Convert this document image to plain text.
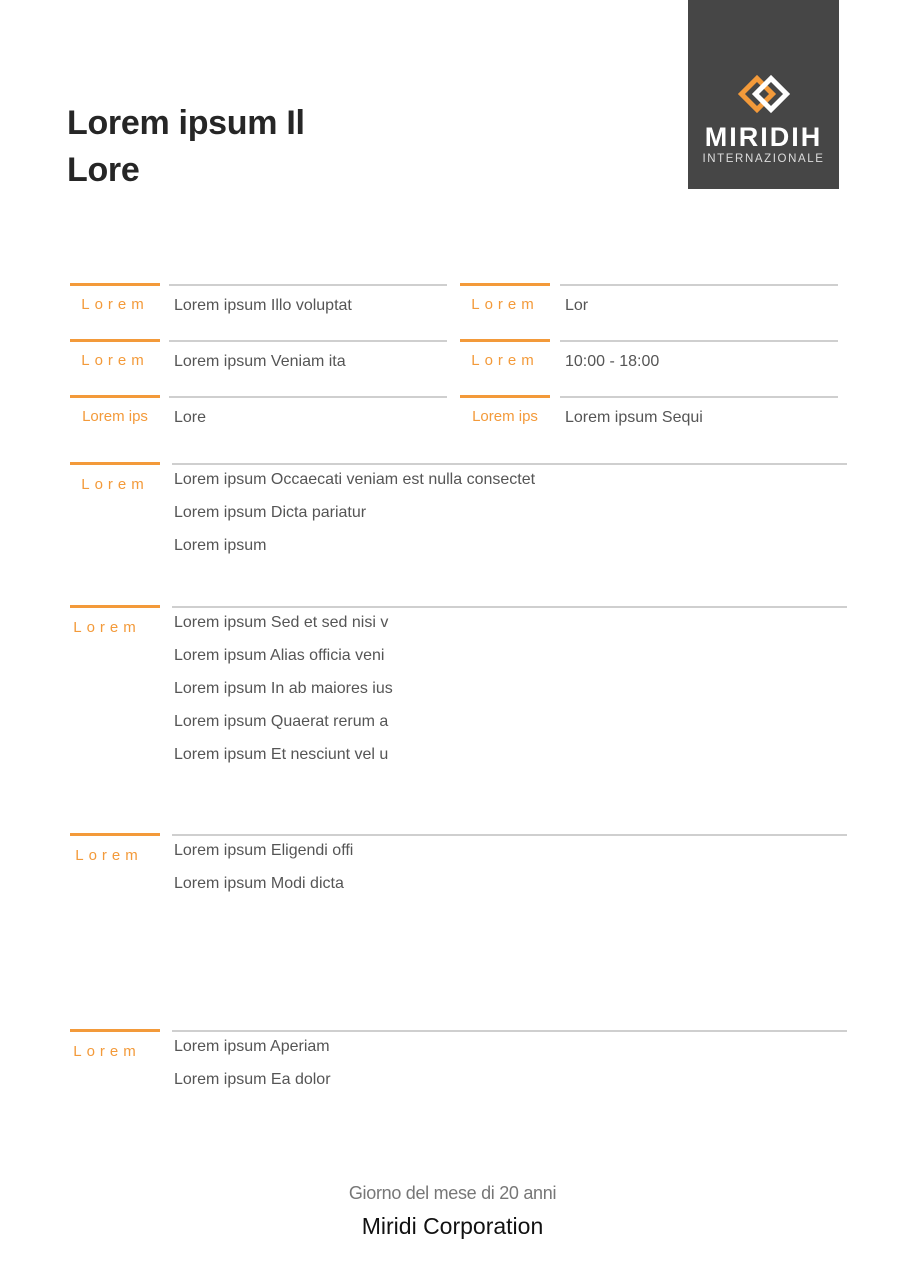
Lorem ipsum Il
Lore
MIRIDIH
INTERNAZIONALE
Giorno del mese di 20 anni
Miridi Corporation
Lorem	Lorem ipsum Illo voluptat	Lorem	Lor
Lorem	Lorem ipsum Veniam ita	Lorem	10:00 - 18:00
Lorem ips	Lore	Lorem ips	Lorem ipsum Sequi
Lorem	Lorem ipsum Occaecati veniam est nulla consectet
Lorem ipsum Dicta pariatur
Lorem ipsum
Lorem	Lorem ipsum Sed et sed nisi v
Lorem ipsum Alias officia veni
Lorem ipsum In ab maiores ius
Lorem ipsum Quaerat rerum a
Lorem ipsum Et nesciunt vel u
Lorem	Lorem ipsum Eligendi offi
Lorem ipsum Modi dicta
Lorem	Lorem ipsum Aperiam
Lorem ipsum Ea dolor
